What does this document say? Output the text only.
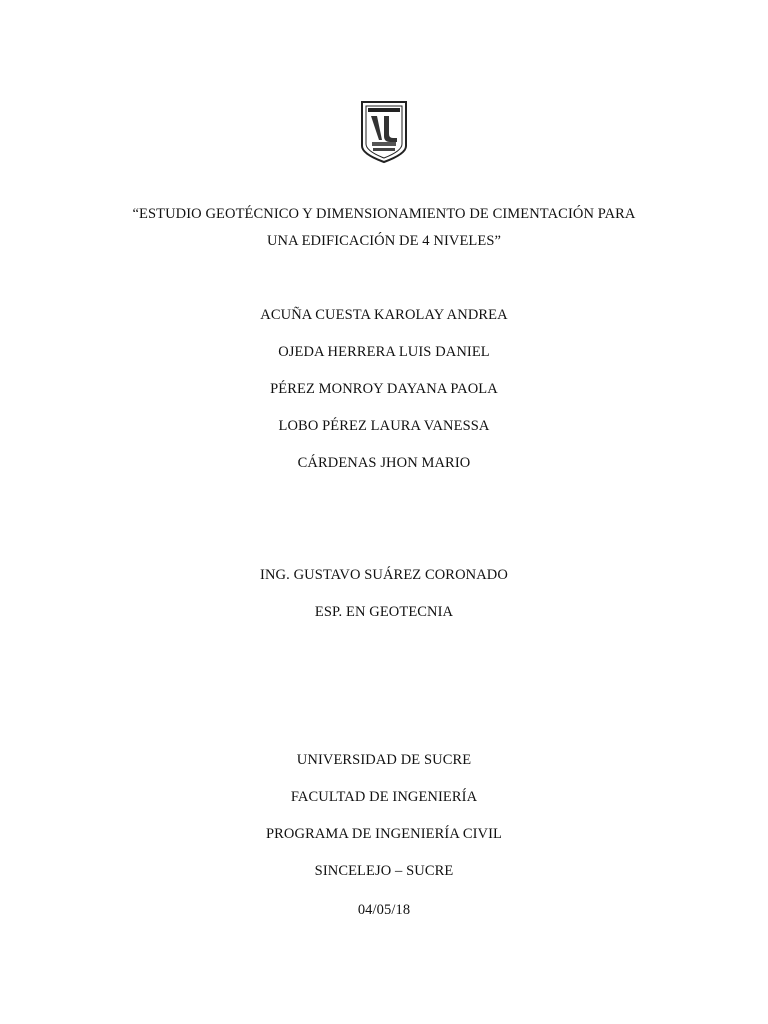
“ESTUDIO GEOTÉCNICO Y DIMENSIONAMIENTO DE CIMENTACIÓN PARA
UNA EDIFICACIÓN DE 4 NIVELES”
ACUÑA CUESTA KAROLAY ANDREA
OJEDA HERRERA LUIS DANIEL
PÉREZ MONROY DAYANA PAOLA
LOBO PÉREZ LAURA VANESSA
CÁRDENAS JHON MARIO
ING. GUSTAVO SUÁREZ CORONADO
ESP. EN GEOTECNIA
UNIVERSIDAD DE SUCRE
FACULTAD DE INGENIERÍA
PROGRAMA DE INGENIERÍA CIVIL
SINCELEJO – SUCRE
04/05/18
